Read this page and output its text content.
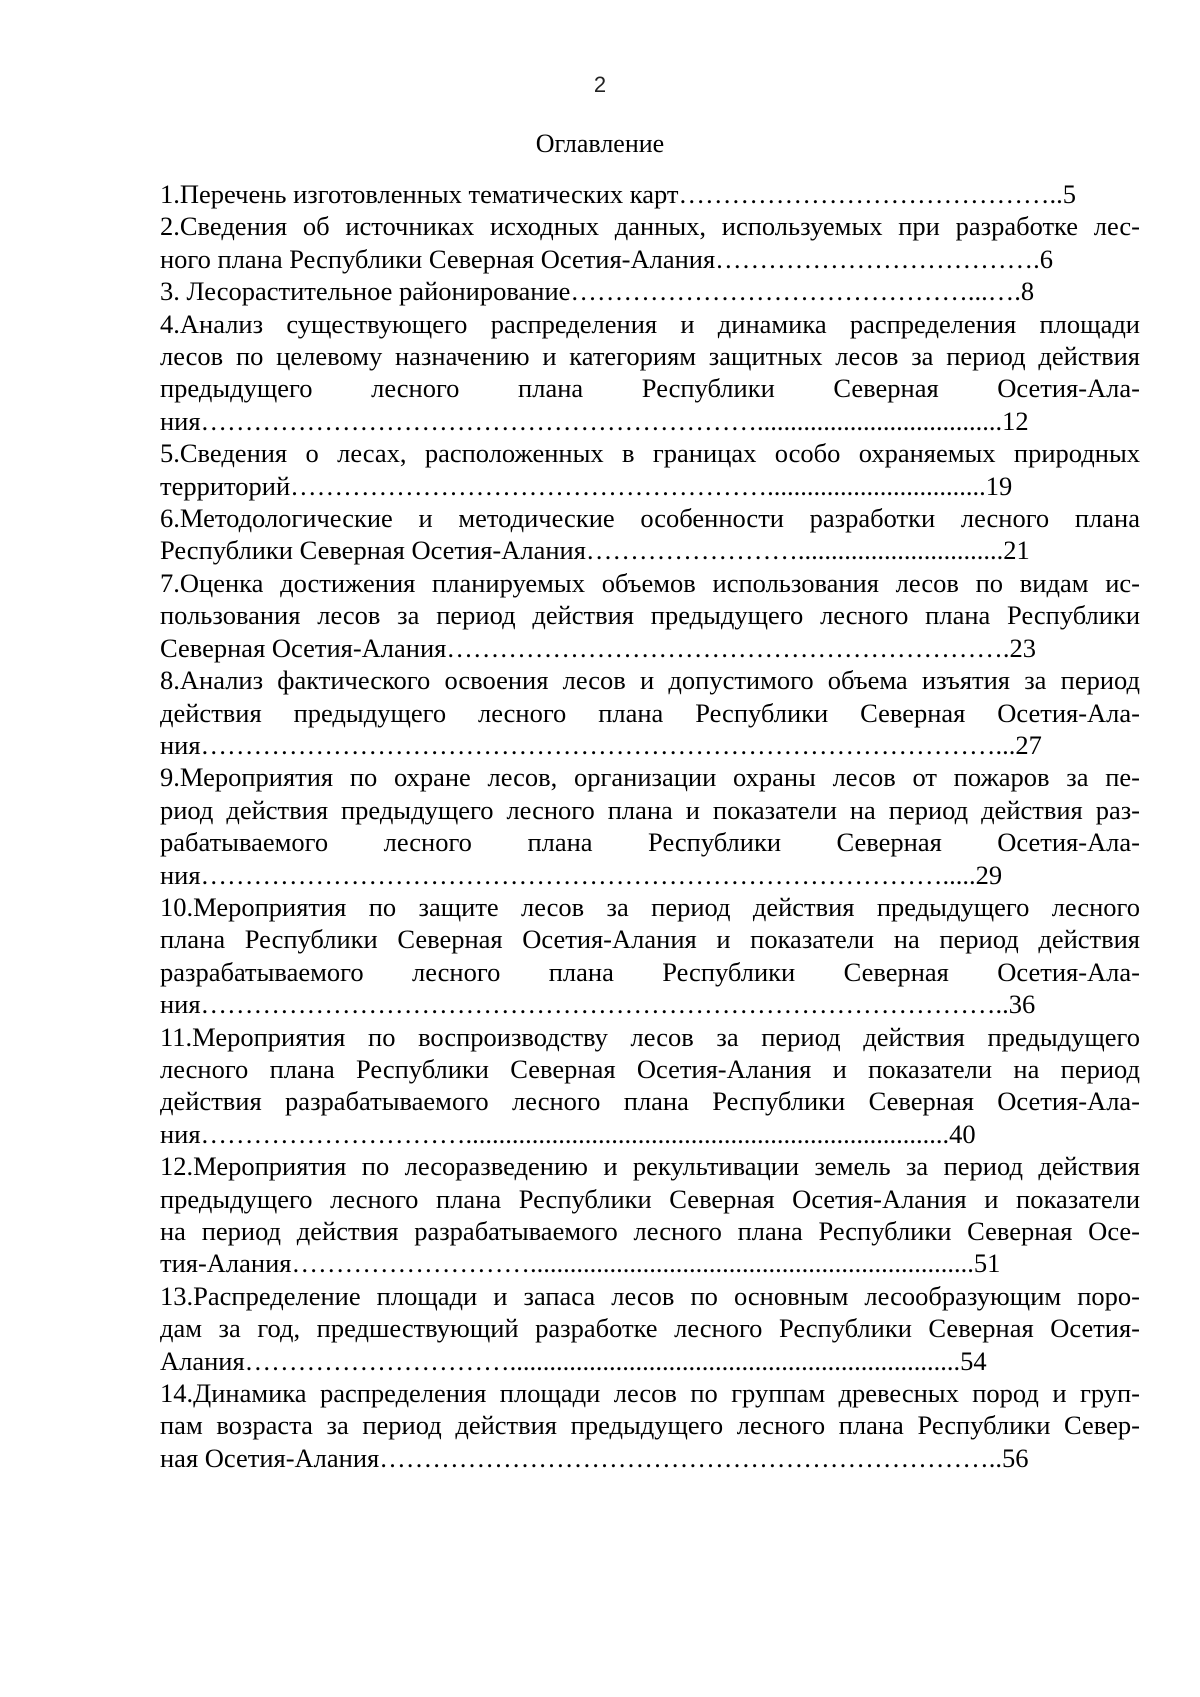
2
Оглавление
1.Перечень изготовленных тематических карт……………………………………..5
2.Сведения об источниках исходных данных, используемых при разработке лес-
ного плана Республики Северная Осетия-Алания……………………………….6
3. Лесорастительное районирование………………………………………...….8
4.Анализ существующего распределения и динамика распределения площади
лесов по целевому назначению и категориям защитных лесов за период действия
предыдущего лесного плана Республики Северная Осетия-Ала-
ния……………………………………………………….....................................12
5.Сведения о лесах, расположенных в границах особо охраняемых природных
территорий……………………………………………….................................19
6.Методологические и методические особенности разработки лесного плана
Республики Северная Осетия-Алания……………………...............................21
7.Оценка достижения планируемых объемов использования лесов по видам ис-
пользования лесов за период действия предыдущего лесного плана Республики
Северная Осетия-Алания……………………………………………………….23
8.Анализ фактического освоения лесов и допустимого объема изъятия за период
действия предыдущего лесного плана Республики Северная Осетия-Ала-
ния………………………………………………………………………………...27
9.Мероприятия по охране лесов, организации охраны лесов от пожаров за пе-
риод действия предыдущего лесного плана и показатели на период действия раз-
рабатываемого лесного плана Республики Северная Осетия-Ала-
ния………………………………………………………………………….....29
10.Мероприятия по защите лесов за период действия предыдущего лесного
плана Республики Северная Осетия-Алания и показатели на период действия
разрабатываемого лесного плана Республики Северная Осетия-Ала-
ния………………………………………………………………………………..36
11.Мероприятия по воспроизводству лесов за период действия предыдущего
лесного плана Республики Северная Осетия-Алания и показатели на период
действия разрабатываемого лесного плана Республики Северная Осетия-Ала-
ния………………………….........................................................................40
12.Мероприятия по лесоразведению и рекультивации земель за период действия
предыдущего лесного плана Республики Северная Осетия-Алания и показатели
на период действия разрабатываемого лесного плана Республики Северная Осе-
тия-Алания………………………...................................................................51
13.Распределение площади и запаса лесов по основным лесообразующим поро-
дам за год, предшествующий разработке лесного Республики Северная Осетия-
Алания…………………………....................................................................54
14.Динамика распределения площади лесов по группам древесных пород и груп-
пам возраста за период действия предыдущего лесного плана Республики Север-
ная Осетия-Алания……………………………………………………………..56
